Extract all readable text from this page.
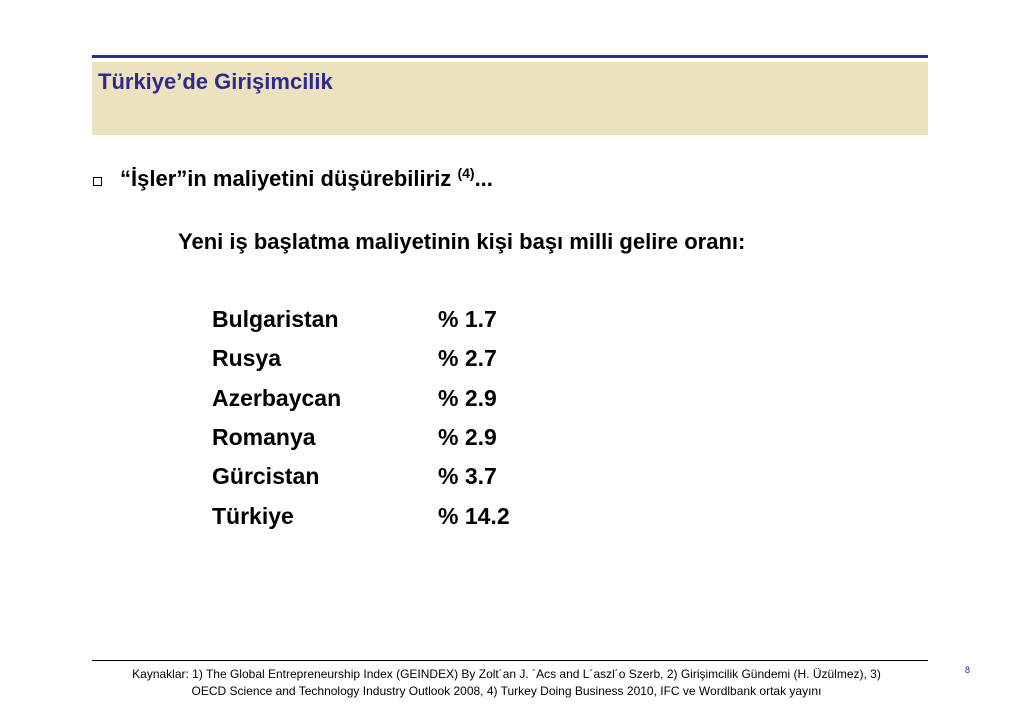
Türkiye’de Girişimcilik
“İşler”in maliyetini düşürebiliriz $^{(4)}$...
Yeni iş başlatma maliyetinin kişi başı milli gelire oranı:
Bulgaristan	% 1.7
Rusya	% 2.7
Azerbaycan	% 2.9
Romanya	% 2.9
Gürcistan	% 3.7
Türkiye	% 14.2
Kaynaklar: 1) The Global Entrepreneurship Index (GEINDEX) By Zolt´an J. ´Acs and L´aszl´o Szerb, 2) Girişimcilik Gündemi (H. Üzülmez), 3)
OECD Science and Technology Industry Outlook 2008, 4) Turkey Doing Business 2010, IFC ve Wordlbank ortak yayını
8
